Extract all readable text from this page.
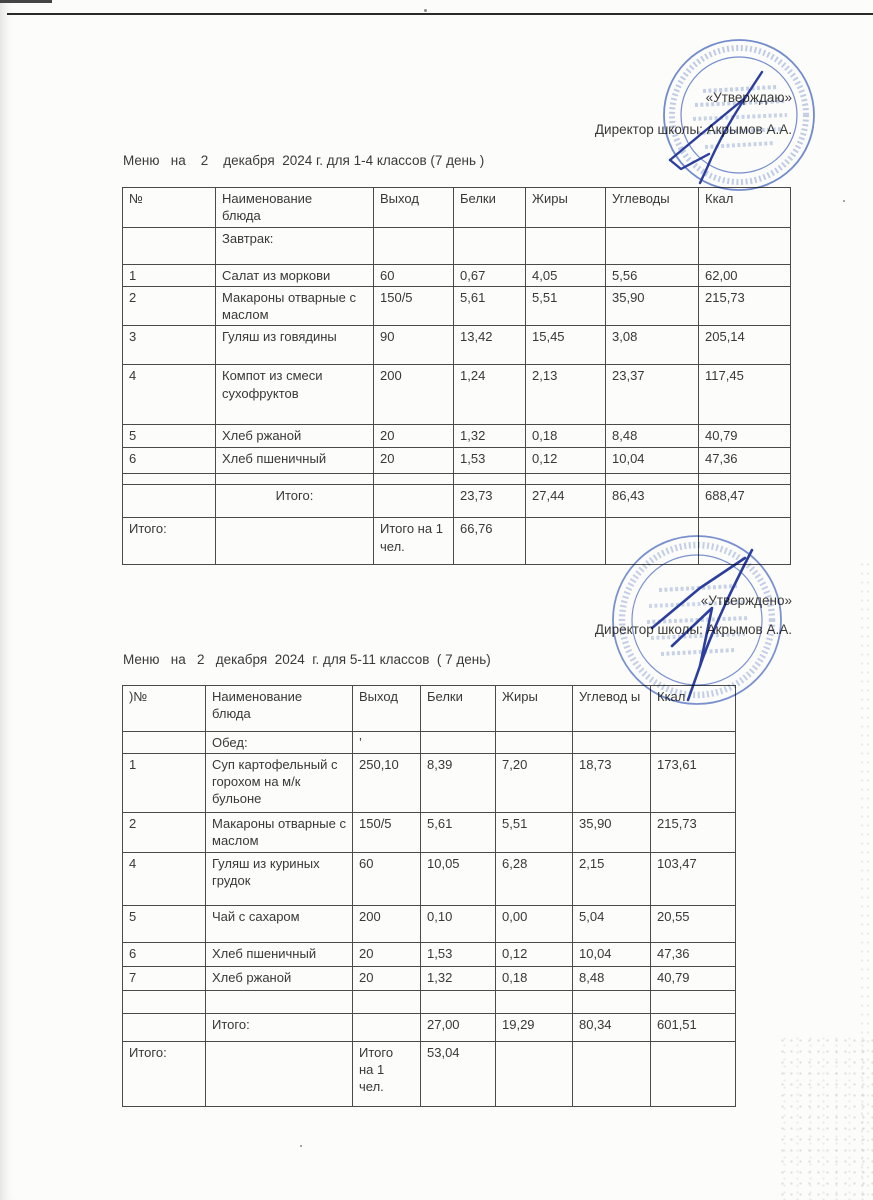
«Утверждаю»
Директор школы: Акрымов А.А.
Меню   на    2    декабря  2024 г. для 1-4 классов (7 день )
№	Наименование блюда	Выход	Белки	Жиры	Углеводы	Ккал
	Завтрак:					
1	Салат из моркови	60	0,67	4,05	5,56	62,00
2	Макароны отварные с маслом	150/5	5,61	5,51	35,90	215,73
3	Гуляш из говядины	90	13,42	15,45	3,08	205,14
4	Компот из смеси сухофруктов	200	1,24	2,13	23,37	117,45
5	Хлеб ржаной	20	1,32	0,18	8,48	40,79
6	Хлеб пшеничный	20	1,53	0,12	10,04	47,36

	Итого:		23,73	27,44	86,43	688,47
Итого:		Итого на 1 чел.	66,76			
«Утверждено»
Директор школы: Акрымов А.А.
Меню   на   2   декабря  2024  г. для 5-11 классов  ( 7 день)
)№	Наименование блюда	Выход	Белки	Жиры	Углевод ы	Ккал
	Обед:	’				
1	Суп картофельный с горохом на м/к бульоне	250,10	8,39	7,20	18,73	173,61
2	Макароны отварные с маслом	150/5	5,61	5,51	35,90	215,73
4	Гуляш из куриных грудок	60	10,05	6,28	2,15	103,47
5	Чай с сахаром	200	0,10	0,00	5,04	20,55
6	Хлеб пшеничный	20	1,53	0,12	10,04	47,36
7	Хлеб ржаной	20	1,32	0,18	8,48	40,79

	Итого:		27,00	19,29	80,34	601,51
Итого:		Итого на 1 чел.	53,04			
